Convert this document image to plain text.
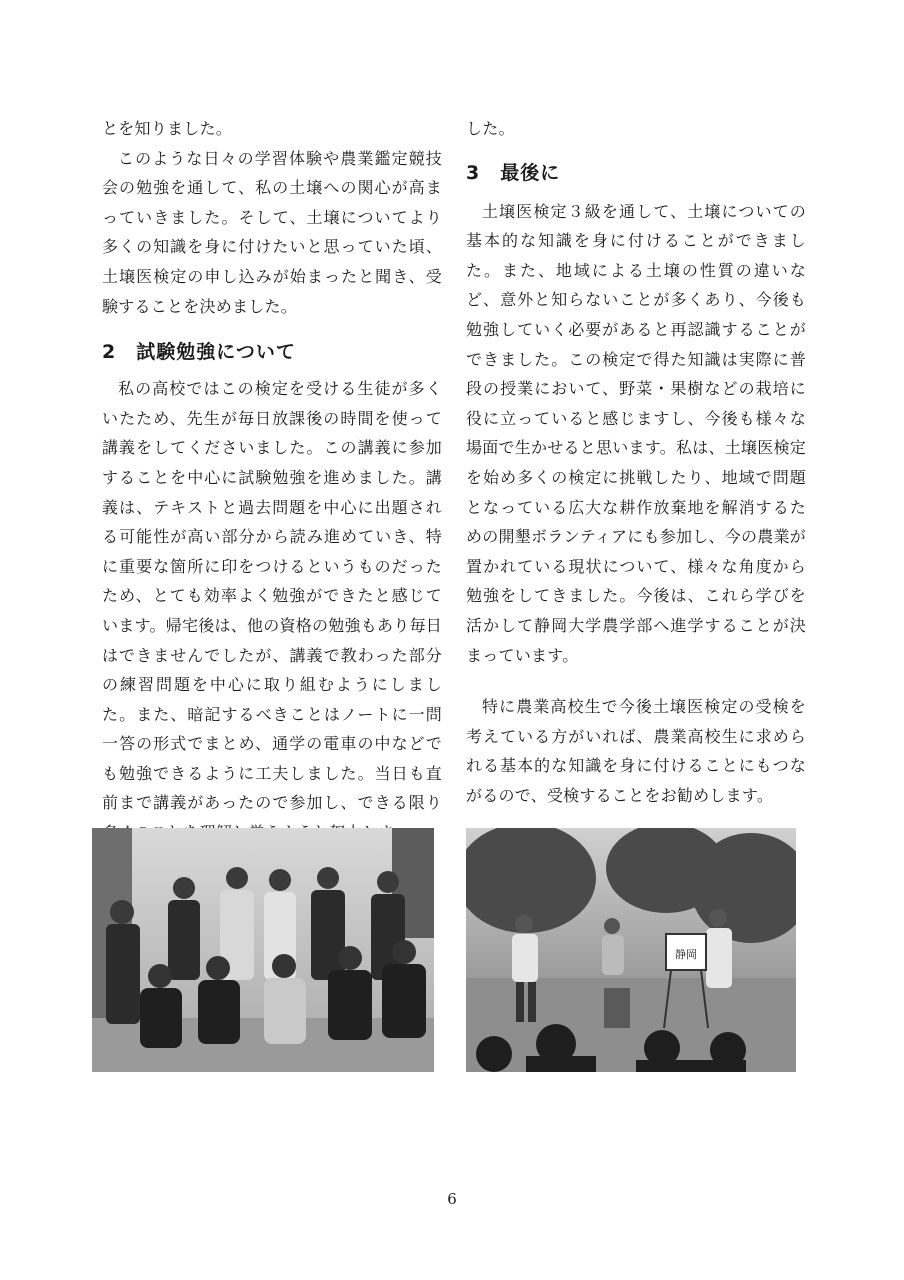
とを知りました。

このような日々の学習体験や農業鑑定競技会の勉強を通して、私の土壌への関心が高まっていきました。そして、土壌についてより多くの知識を身に付けたいと思っていた頃、土壌医検定の申し込みが始まったと聞き、受験することを決めました。

2　試験勉強について

私の高校ではこの検定を受ける生徒が多くいたため、先生が毎日放課後の時間を使って講義をしてくださいました。この講義に参加することを中心に試験勉強を進めました。講義は、テキストと過去問題を中心に出題される可能性が高い部分から読み進めていき、特に重要な箇所に印をつけるというものだったため、とても効率よく勉強ができたと感じています。帰宅後は、他の資格の勉強もあり毎日はできませんでしたが、講義で教わった部分の練習問題を中心に取り組むようにしました。また、暗記するべきことはノートに一問一答の形式でまとめ、通学の電車の中などでも勉強できるように工夫しました。当日も直前まで講義があったので参加し、できる限り

した。

3　最後に

土壌医検定３級を通して、土壌についての基本的な知識を身に付けることができました。また、地域による土壌の性質の違いなど、意外と知らないことが多くあり、今後も勉強していく必要があると再認識することができました。この検定で得た知識は実際に普段の授業において、野菜・果樹などの栽培に役に立っていると感じますし、今後も様々な場面で生かせると思います。私は、土壌医検定を始め多くの検定に挑戦したり、地域で問題となっている広大な耕作放棄地を解消するための開墾ボランティアにも参加し、今の農業が置かれている現状について、様々な角度から勉強をしてきました。今後は、これら学びを活かして静岡大学農学部へ進学することが決まっています。

特に農業高校生で今後土壌医検定の受検を考えている方がいれば、農業高校生に求められる基本的な知識を身に付けることにもつながるので、受検することをお勧めします。

静岡
6
